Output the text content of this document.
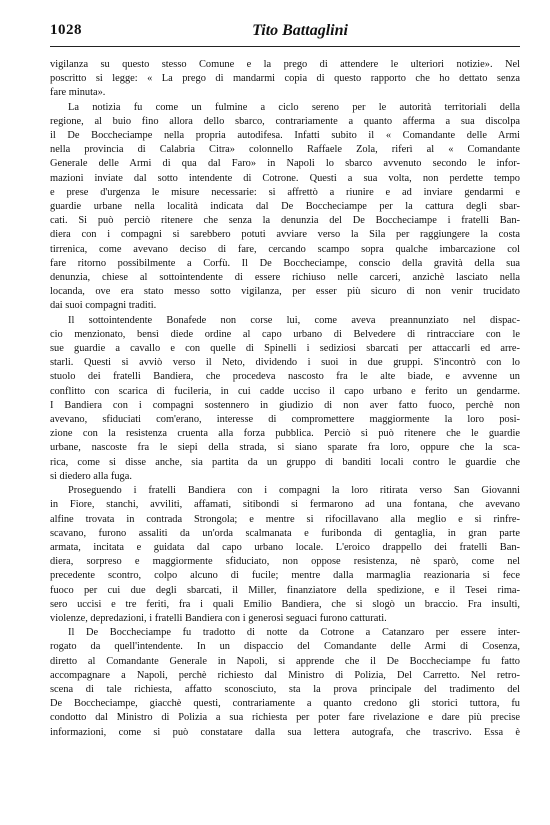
1028	Tito Battaglini

vigilanza su questo stesso Comune e la prego di attendere le ulteriori notizie». Nel
poscritto si legge: « La prego di mandarmi copia di questo rapporto che ho dettato senza
fare minuta».

La notizia fu come un fulmine a ciclo sereno per le autorità territoriali della
regione, al buio fino allora dello sbarco, contrariamente a quanto afferma a sua discolpa
il De Boccheciampe nella propria autodifesa. Infatti subito il « Comandante delle Armi
nella provincia di Calabria Citra» colonnello Raffaele Zola, riferì al « Comandante
Generale delle Armi di qua dal Faro» in Napoli lo sbarco avvenuto secondo le infor-
mazioni inviate dal sotto intendente di Cotrone. Questi a sua volta, non perdette tempo
e prese d'urgenza le misure necessarie: si affrettò a riunire e ad inviare gendarmi e
guardie urbane nella località indicata dal De Boccheciampe per la cattura degli sbar-
cati. Si può perciò ritenere che senza la denunzia del De Boccheciampe i fratelli Ban-
diera con i compagni si sarebbero potuti avviare verso la Sila per raggiungere la costa
tirrenica, come avevano deciso di fare, cercando scampo sopra qualche imbarcazione col
fare ritorno possibilmente a Corfù. Il De Boccheciampe, conscio della gravità della sua
denunzia, chiese al sottointendente di essere richiuso nelle carceri, anzichè lasciato nella
locanda, ove era stato messo sotto vigilanza, per esser più sicuro di non venir trucidato
dai suoi compagni traditi.

Il sottointendente Bonafede non corse lui, come aveva preannunziato nel dispac-
cio menzionato, bensì diede ordine al capo urbano di Belvedere di rintracciare con le
sue guardie a cavallo e con quelle di Spinelli i sediziosi sbarcati per attaccarli ed arre-
starli. Questi si avviò verso il Neto, dividendo i suoi in due gruppi. S'incontrò con lo
stuolo dei fratelli Bandiera, che procedeva nascosto fra le alte biade, e avvenne un
conflitto con scarica di fucileria, in cui cadde ucciso il capo urbano e ferito un gendarme.
I Bandiera con i compagni sostennero in giudizio di non aver fatto fuoco, perchè non
avevano, sfiduciati com'erano, interesse di compromettere maggiormente la loro posi-
zione con la resistenza cruenta alla forza pubblica. Perciò si può ritenere che le guardie
urbane, nascoste fra le siepi della strada, si siano sparate fra loro, oppure che la sca-
rica, come si disse anche, sia partita da un gruppo di banditi locali contro le guardie che
si diedero alla fuga.

Proseguendo i fratelli Bandiera con i compagni la loro ritirata verso San Giovanni
in Fiore, stanchi, avviliti, affamati, sitibondi si fermarono ad una fontana, che avevano
alfine trovata in contrada Strongola; e mentre si rifocillavano alla meglio e si rinfre-
scavano, furono assaliti da un'orda scalmanata e furibonda di gentaglia, in gran parte
armata, incitata e guidata dal capo urbano locale. L'eroico drappello dei fratelli Ban-
diera, sorpreso e maggiormente sfiduciato, non oppose resistenza, nè sparò, come nel
precedente scontro, colpo alcuno di fucile; mentre dalla marmaglia reazionaria si fece
fuoco per cui due degli sbarcati, il Miller, finanziatore della spedizione, e il Tesei rima-
sero uccisi e tre feriti, fra i quali Emilio Bandiera, che si slogò un braccio. Fra insulti,
violenze, depredazioni, i fratelli Bandiera con i generosi seguaci furono catturati.

Il De Boccheciampe fu tradotto di notte da Cotrone a Catanzaro per essere inter-
rogato da quell'intendente. In un dispaccio del Comandante delle Armi di Cosenza,
diretto al Comandante Generale in Napoli, si apprende che il De Boccheciampe fu fatto
accompagnare a Napoli, perchè richiesto dal Ministro di Polizia, Del Carretto. Nel retro-
scena di tale richiesta, affatto sconosciuto, sta la prova principale del tradimento del
De Boccheciampe, giacchè questi, contrariamente a quanto credono gli storici tuttora, fu
condotto dal Ministro di Polizia a sua richiesta per poter fare rivelazione e dare più precise
informazioni, come si può constatare dalla sua lettera autografa, che trascrivo. Essa è
